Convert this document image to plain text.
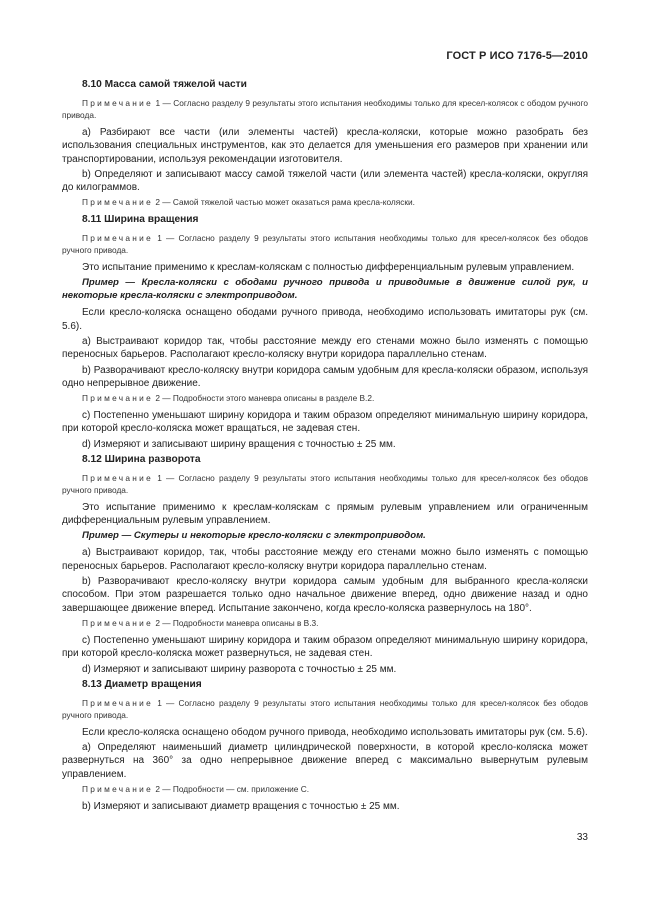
ГОСТ Р ИСО 7176-5—2010
8.10 Масса самой тяжелой части
Примечание 1 — Согласно разделу 9 результаты этого испытания необходимы только для кресел-колясок с ободом ручного привода.
a) Разбирают все части (или элементы частей) кресла-коляски, которые можно разобрать без использования специальных инструментов, как это делается для уменьшения его размеров при хранении или транспортировании, используя рекомендации изготовителя.
b) Определяют и записывают массу самой тяжелой части (или элемента частей) кресла-коляски, округляя до килограммов.
Примечание 2 — Самой тяжелой частью может оказаться рама кресла-коляски.
8.11 Ширина вращения
Примечание 1 — Согласно разделу 9 результаты этого испытания необходимы только для кресел-колясок без ободов ручного привода.
Это испытание применимо к креслам-коляскам с полностью дифференциальным рулевым управлением.
Пример — Кресла-коляски с ободами ручного привода и приводимые в движение силой рук, и некоторые кресла-коляски с электроприводом.
Если кресло-коляска оснащено ободами ручного привода, необходимо использовать имитаторы рук (см. 5.6).
a) Выстраивают коридор так, чтобы расстояние между его стенами можно было изменять с помощью переносных барьеров. Располагают кресло-коляску внутри коридора параллельно стенам.
b) Разворачивают кресло-коляску внутри коридора самым удобным для кресла-коляски образом, используя одно непрерывное движение.
Примечание 2 — Подробности этого маневра описаны в разделе В.2.
c) Постепенно уменьшают ширину коридора и таким образом определяют минимальную ширину коридора, при которой кресло-коляска может вращаться, не задевая стен.
d) Измеряют и записывают ширину вращения с точностью ± 25 мм.
8.12 Ширина разворота
Примечание 1 — Согласно разделу 9 результаты этого испытания необходимы только для кресел-колясок без ободов ручного привода.
Это испытание применимо к креслам-коляскам с прямым рулевым управлением или ограниченным дифференциальным рулевым управлением.
Пример — Скутеры и некоторые кресло-коляски с электроприводом.
a) Выстраивают коридор, так, чтобы расстояние между его стенами можно было изменять с помощью переносных барьеров. Располагают кресло-коляску внутри коридора параллельно стенам.
b) Разворачивают кресло-коляску внутри коридора самым удобным для выбранного кресла-коляски способом. При этом разрешается только одно начальное движение вперед, одно движение назад и одно завершающее движение вперед. Испытание закончено, когда кресло-коляска развернулось на 180°.
Примечание 2 — Подробности маневра описаны в В.3.
c) Постепенно уменьшают ширину коридора и таким образом определяют минимальную ширину коридора, при которой кресло-коляска может развернуться, не задевая стен.
d) Измеряют и записывают ширину разворота с точностью ± 25 мм.
8.13 Диаметр вращения
Примечание 1 — Согласно разделу 9 результаты этого испытания необходимы только для кресел-колясок без ободов ручного привода.
Если кресло-коляска оснащено ободом ручного привода, необходимо использовать имитаторы рук (см. 5.6).
a) Определяют наименьший диаметр цилиндрической поверхности, в которой кресло-коляска может развернуться на 360° за одно непрерывное движение вперед с максимально вывернутым рулевым управлением.
Примечание 2 — Подробности — см. приложение С.
b) Измеряют и записывают диаметр вращения с точностью ± 25 мм.
33
